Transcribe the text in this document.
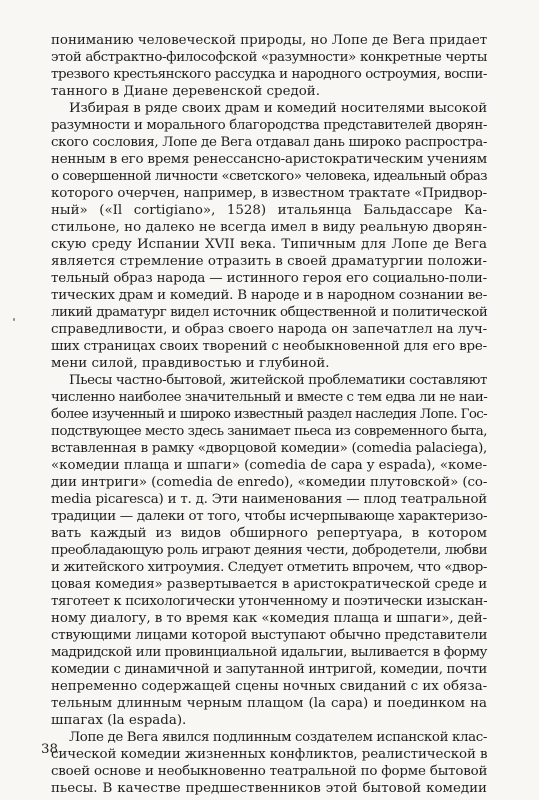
пониманию человеческой природы, но Лопе де Вега придает
этой абстрактно-философской «разумности» конкретные черты
трезвого крестьянского рассудка и народного остроумия, воспи-
танного в Диане деревенской средой.
Избирая в ряде своих драм и комедий носителями высокой
разумности и морального благородства представителей дворян-
ского сословия, Лопе де Вега отдавал дань широко распростра-
ненным в его время ренессансно-аристократическим учениям
о совершенной личности «светского» человека, идеальный образ
которого очерчен, например, в известном трактате «Придвор-
ный» («Il cortigiano», 1528) итальянца Бальдассаре Ка-
стильоне, но далеко не всегда имел в виду реальную дворян-
скую среду Испании XVII века. Типичным для Лопе де Вега
является стремление отразить в своей драматургии положи-
тельный образ народа — истинного героя его социально-поли-
тических драм и комедий. В народе и в народном сознании ве-
ликий драматург видел источник общественной и политической
справедливости, и образ своего народа он запечатлел на луч-
ших страницах своих творений с необыкновенной для его вре-
мени силой, правдивостью и глубиной.
Пьесы частно-бытовой, житейской проблематики составляют
численно наиболее значительный и вместе с тем едва ли не наи-
более изученный и широко известный раздел наследия Лопе. Гос-
подствующее место здесь занимает пьеса из современного быта,
вставленная в рамку «дворцовой комедии» (comedia palaciega),
«комедии плаща и шпаги» (comedia de capa y espada), «коме-
дии интриги» (comedia de enredo), «комедии плутовской» (co-
media picaresca) и т. д. Эти наименования — плод театральной
традиции — далеки от того, чтобы исчерпывающе характеризо-
вать каждый из видов обширного репертуара, в котором
преобладающую роль играют деяния чести, добродетели, любви
и житейского хитроумия. Следует отметить впрочем, что «двор-
цовая комедия» развертывается в аристократической среде и
тяготеет к психологически утонченному и поэтически изыскан-
ному диалогу, в то время как «комедия плаща и шпаги», дей-
ствующими лицами которой выступают обычно представители
мадридской или провинциальной идальгии, выливается в форму
комедии с динамичной и запутанной интригой, комедии, почти
непременно содержащей сцены ночных свиданий с их обяза-
тельным длинным черным плащом (la capa) и поединком на
шпагах (la espada).
Лопе де Вега явился подлинным создателем испанской клас-
сической комедии жизненных конфликтов, реалистической в
своей основе и необыкновенно театральной по форме бытовой
пьесы. В качестве предшественников этой бытовой комедии
38
